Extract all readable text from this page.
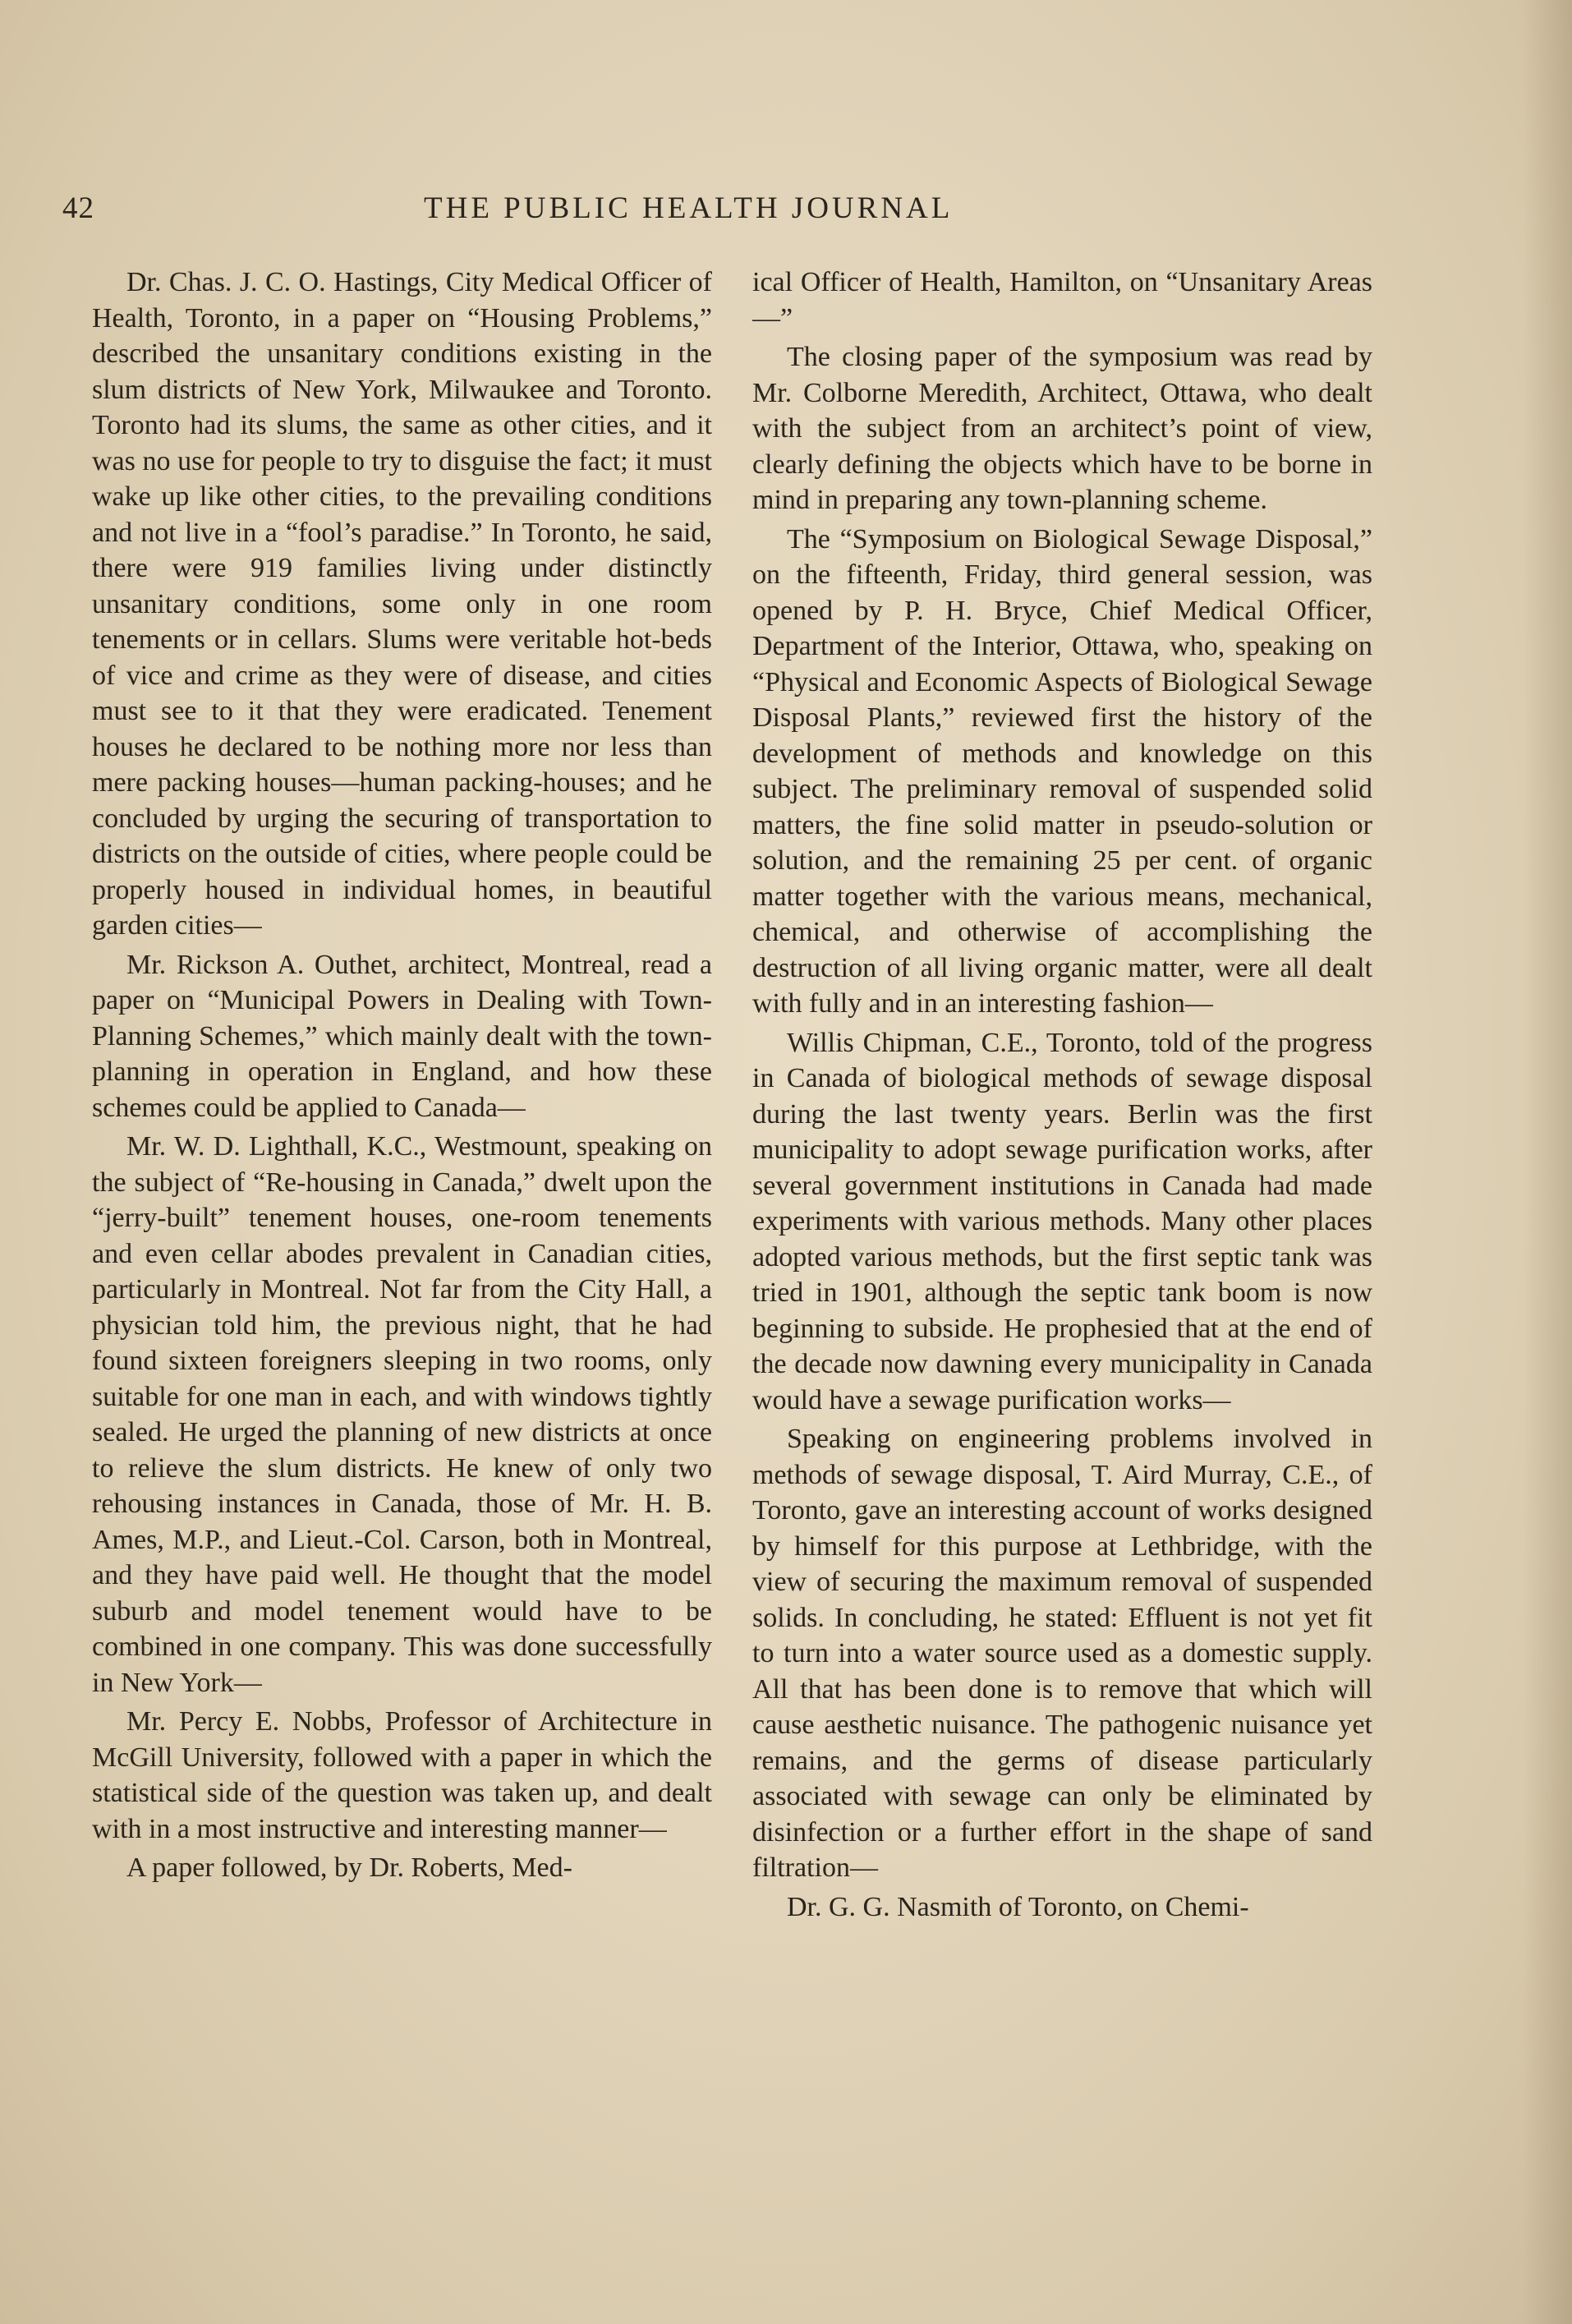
42	THE PUBLIC HEALTH JOURNAL

Dr. Chas. J. C. O. Hastings, City Medical Officer of Health, Toronto, in a paper on “Housing Problems,” described the unsanitary conditions existing in the slum districts of New York, Milwaukee and Toronto. Toronto had its slums, the same as other cities, and it was no use for people to try to disguise the fact; it must wake up like other cities, to the prevailing conditions and not live in a “fool’s paradise.” In Toronto, he said, there were 919 families living under distinctly unsanitary conditions, some only in one room tenements or in cellars. Slums were veritable hot-beds of vice and crime as they were of disease, and cities must see to it that they were eradicated. Tenement houses he declared to be nothing more nor less than mere packing houses—human packing-houses; and he concluded by urging the securing of transportation to districts on the outside of cities, where people could be properly housed in individual homes, in beautiful garden cities—

Mr. Rickson A. Outhet, architect, Montreal, read a paper on “Municipal Powers in Dealing with Town-Planning Schemes,” which mainly dealt with the town-planning in operation in England, and how these schemes could be applied to Canada—

Mr. W. D. Lighthall, K.C., Westmount, speaking on the subject of “Re-housing in Canada,” dwelt upon the “jerry-built” tenement houses, one-room tenements and even cellar abodes prevalent in Canadian cities, particularly in Montreal. Not far from the City Hall, a physician told him, the previous night, that he had found sixteen foreigners sleeping in two rooms, only suitable for one man in each, and with windows tightly sealed. He urged the planning of new districts at once to relieve the slum districts. He knew of only two rehousing instances in Canada, those of Mr. H. B. Ames, M.P., and Lieut.-Col. Carson, both in Montreal, and they have paid well. He thought that the model suburb and model tenement would have to be combined in one company. This was done successfully in New York—

Mr. Percy E. Nobbs, Professor of Architecture in McGill University, followed with a paper in which the statistical side of the question was taken up, and dealt with in a most instructive and interesting manner—

A paper followed, by Dr. Roberts, Med-

ical Officer of Health, Hamilton, on “Unsanitary Areas—”

The closing paper of the symposium was read by Mr. Colborne Meredith, Architect, Ottawa, who dealt with the subject from an architect’s point of view, clearly defining the objects which have to be borne in mind in preparing any town-planning scheme.

The “Symposium on Biological Sewage Disposal,” on the fifteenth, Friday, third general session, was opened by P. H. Bryce, Chief Medical Officer, Department of the Interior, Ottawa, who, speaking on “Physical and Economic Aspects of Biological Sewage Disposal Plants,” reviewed first the history of the development of methods and knowledge on this subject. The preliminary removal of suspended solid matters, the fine solid matter in pseudo-solution or solution, and the remaining 25 per cent. of organic matter together with the various means, mechanical, chemical, and otherwise of accomplishing the destruction of all living organic matter, were all dealt with fully and in an interesting fashion—

Willis Chipman, C.E., Toronto, told of the progress in Canada of biological methods of sewage disposal during the last twenty years. Berlin was the first municipality to adopt sewage purification works, after several government institutions in Canada had made experiments with various methods. Many other places adopted various methods, but the first septic tank was tried in 1901, although the septic tank boom is now beginning to subside. He prophesied that at the end of the decade now dawning every municipality in Canada would have a sewage purification works—

Speaking on engineering problems involved in methods of sewage disposal, T. Aird Murray, C.E., of Toronto, gave an interesting account of works designed by himself for this purpose at Lethbridge, with the view of securing the maximum removal of suspended solids. In concluding, he stated: Effluent is not yet fit to turn into a water source used as a domestic supply. All that has been done is to remove that which will cause aesthetic nuisance. The pathogenic nuisance yet remains, and the germs of disease particularly associated with sewage can only be eliminated by disinfection or a further effort in the shape of sand filtration—

Dr. G. G. Nasmith of Toronto, on Chemi-
